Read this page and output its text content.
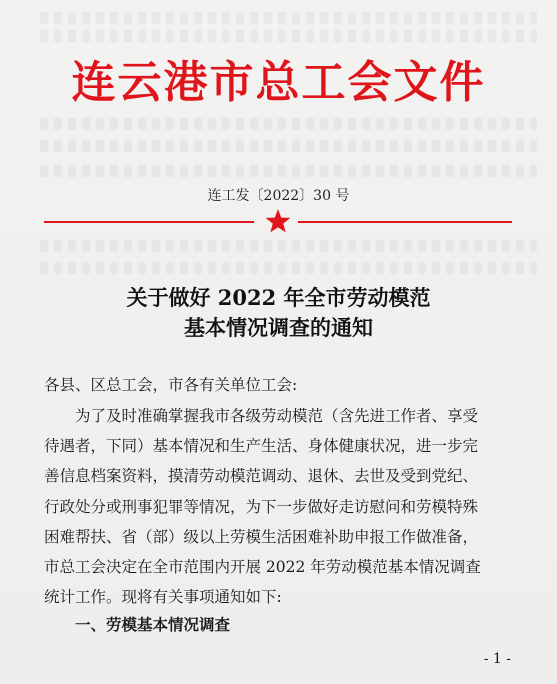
连云港市总工会文件
连工发〔2022〕30 号
关于做好 2022 年全市劳动模范
基本情况调查的通知
各县、区总工会，市各有关单位工会:
为了及时准确掌握我市各级劳动模范（含先进工作者、享受
待遇者，下同）基本情况和生产生活、身体健康状况，进一步完
善信息档案资料，摸清劳动模范调动、退休、去世及受到党纪、
行政处分或刑事犯罪等情况，为下一步做好走访慰问和劳模特殊
困难帮扶、省（部）级以上劳模生活困难补助申报工作做准备，
市总工会决定在全市范围内开展 2022 年劳动模范基本情况调查
统计工作。现将有关事项通知如下:
一、劳模基本情况调查
- 1 -
